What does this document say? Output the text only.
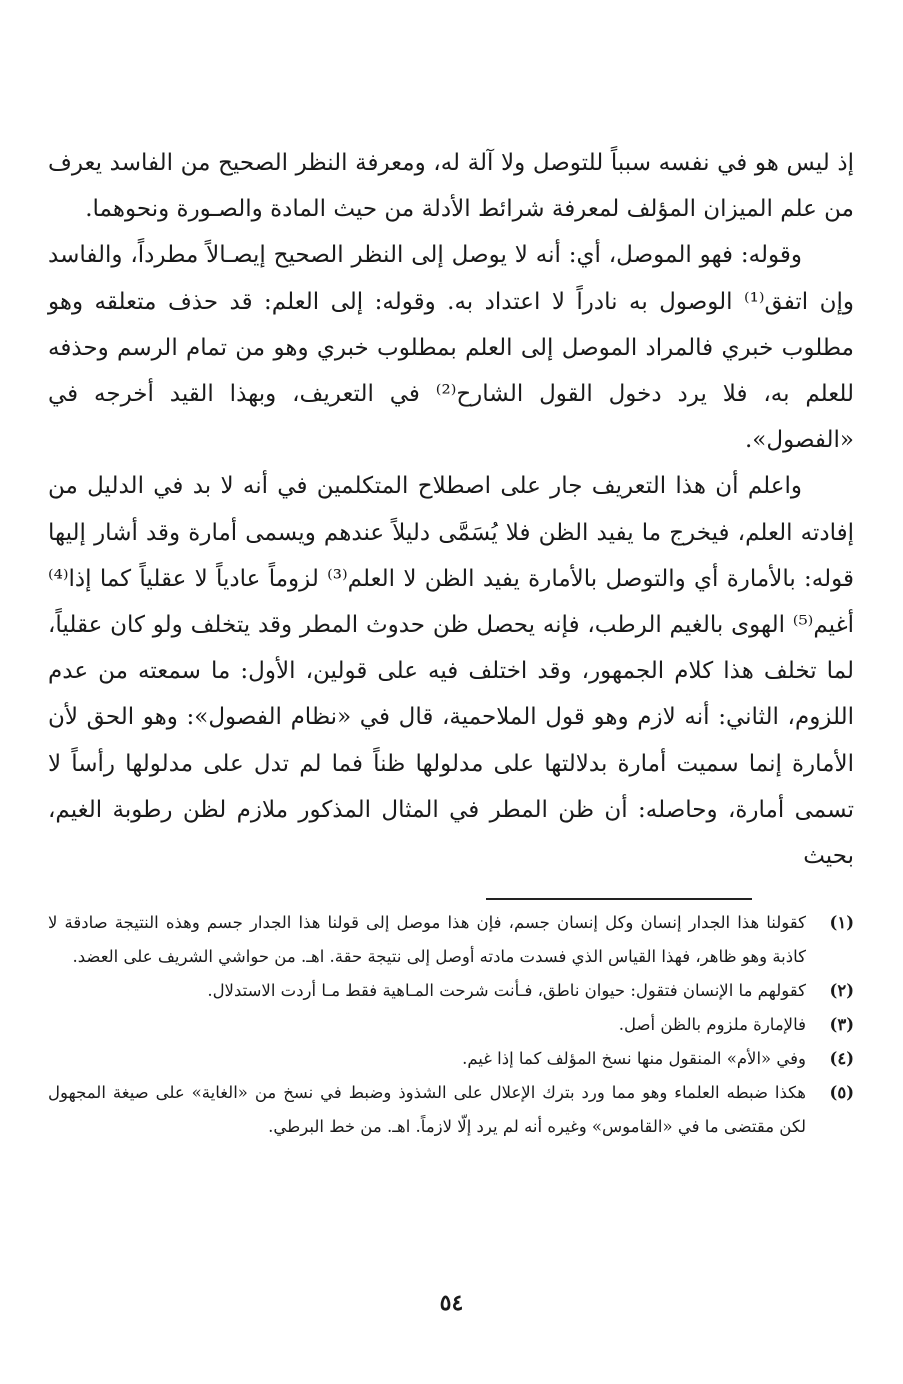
إذ ليس هو في نفسه سبباً للتوصل ولا آلة له، ومعرفة النظر الصحيح من الفاسد يعرف من علم الميزان المؤلف لمعرفة شرائط الأدلة من حيث المادة والصـورة ونحوهما.

وقوله: فهو الموصل، أي: أنه لا يوصل إلى النظر الصحيح إيصـالاً مطرداً، والفاسد وإن اتفق⁽¹⁾ الوصول به نادراً لا اعتداد به. وقوله: إلى العلم: قد حذف متعلقه وهو مطلوب خبري فالمراد الموصل إلى العلم بمطلوب خبري وهو من تمام الرسم وحذفه للعلم به، فلا يرد دخول القول الشارح⁽²⁾ في التعريف، وبهذا القيد أخرجه في «الفصول».

واعلم أن هذا التعريف جار على اصطلاح المتكلمين في أنه لا بد في الدليل من إفادته العلم، فيخرج ما يفيد الظن فلا يُسَمَّى دليلاً عندهم ويسمى أمارة وقد أشار إليها قوله: بالأمارة أي والتوصل بالأمارة يفيد الظن لا العلم⁽³⁾ لزوماً عادياً لا عقلياً كما إذا⁽⁴⁾ أغيم⁽⁵⁾ الهوى بالغيم الرطب، فإنه يحصل ظن حدوث المطر وقد يتخلف ولو كان عقلياً، لما تخلف هذا كلام الجمهور، وقد اختلف فيه على قولين، الأول: ما سمعته من عدم اللزوم، الثاني: أنه لازم وهو قول الملاحمية، قال في «نظام الفصول»: وهو الحق لأن الأمارة إنما سميت أمارة بدلالتها على مدلولها ظناً فما لم تدل على مدلولها رأساً لا تسمى أمارة، وحاصله: أن ظن المطر في المثال المذكور ملازم لظن رطوبة الغيم، بحيث

(١)
كقولنا هذا الجدار إنسان وكل إنسان جسم، فإن هذا موصل إلى قولنا هذا الجدار جسم وهذه النتيجة صادقة لا كاذبة وهو ظاهر، فهذا القياس الذي فسدت مادته أوصل إلى نتيجة حقة. اهـ. من حواشي الشريف على العضد.
(٢)
كقولهم ما الإنسان فتقول: حيوان ناطق، فـأنت شرحت المـاهية فقط مـا أردت الاستدلال.
(٣)
فالإمارة ملزوم بالظن أصل.
(٤)
وفي «الأم» المنقول منها نسخ المؤلف كما إذا غيم.
(٥)
هكذا ضبطه العلماء وهو مما ورد بترك الإعلال على الشذوذ وضبط في نسخ من «الغاية» على صيغة المجهول لكن مقتضى ما في «القاموس» وغيره أنه لم يرد إلّا لازماً. اهـ. من خط البرطي.
٥٤
